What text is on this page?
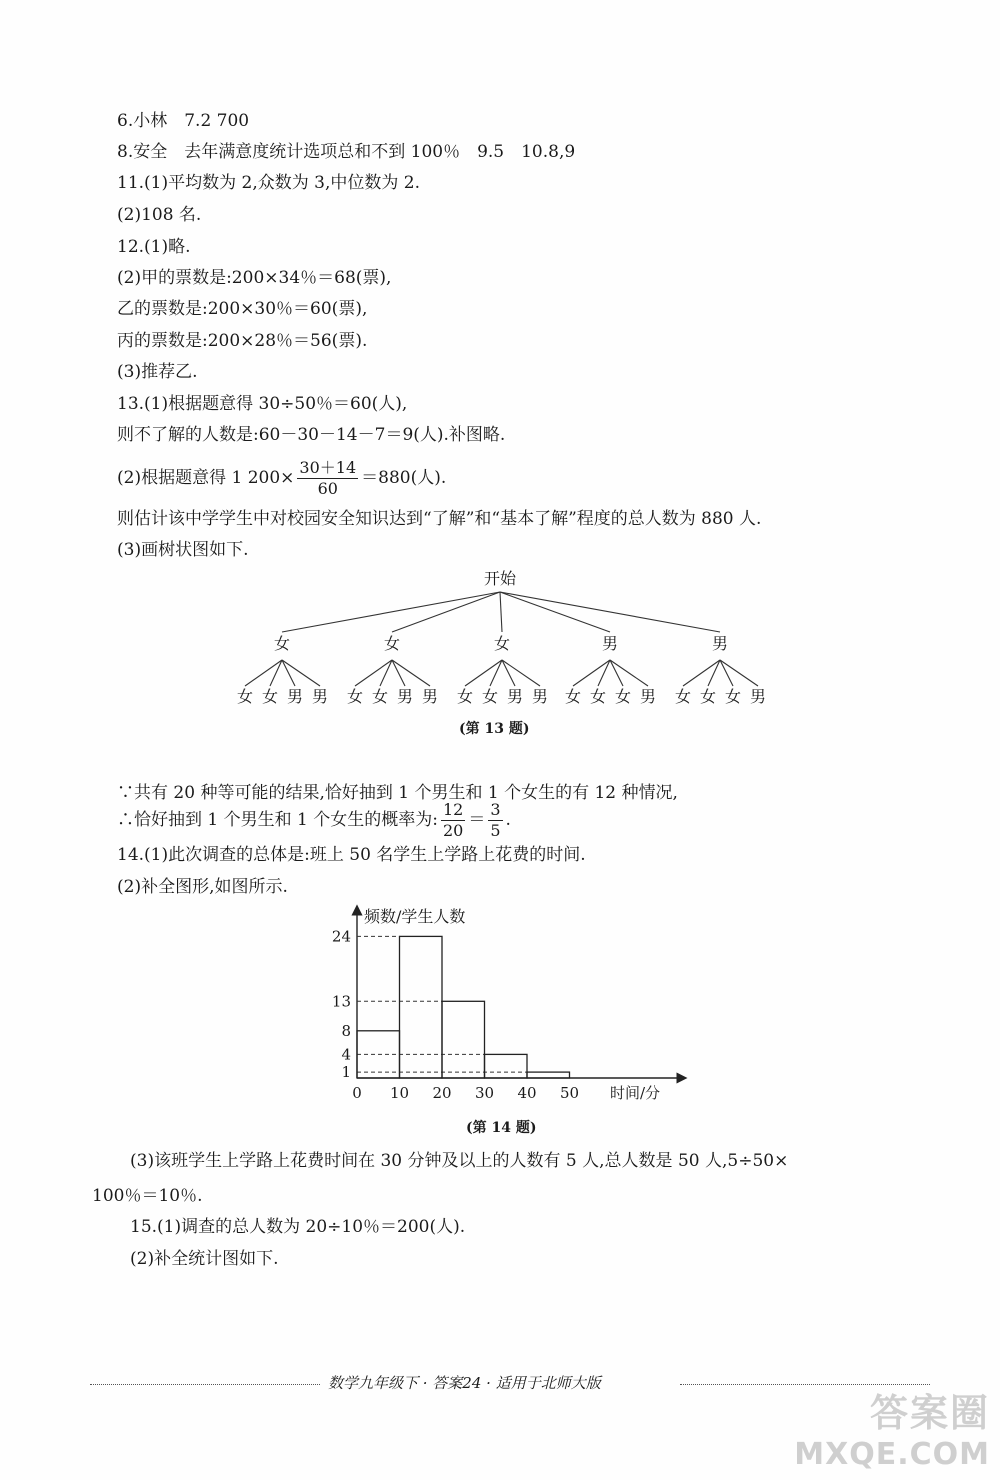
6.小林　7.2 700
8.安全　去年满意度统计选项总和不到 100％　9.5　10.8,9
11.(1)平均数为 2,众数为 3,中位数为 2.
(2)108 名.
12.(1)略.
(2)甲的票数是:200×34％＝68(票),
乙的票数是:200×30％＝60(票),
丙的票数是:200×28％＝56(票).
(3)推荐乙.
13.(1)根据题意得 30÷50％＝60(人),
则不了解的人数是:60－30－14－7＝9(人).补图略.
(2)根据题意得 1 $200\times \frac{30+14}{60} =880$(人).
则估计该中学学生中对校园安全知识达到“了解”和“基本了解”程度的总人数为 880 人.
(3)画树状图如下.
开始
女
女 女 男 男
女
女 女 男 男
女
女 女 男 男
男
女 女 女 男
男
女 女 女 男
(第 13 题)
∵共有 20 种等可能的结果,恰好抽到 1 个男生和 1 个女生的有 12 种情况,
∴恰好抽到 1 个男生和 1 个女生的概率为: $\frac{12}{20} = \frac{3}{5}$ .
14.(1)此次调查的总体是:班上 50 名学生上学路上花费的时间.
(2)补全图形,如图所示.
频数/学生人数
时间/分
1
4
8
13
24
0 10 20 30 40 50
(第 14 题)
(3)该班学生上学路上花费时间在 30 分钟及以上的人数有 5 人,总人数是 50 人,5÷50×
100％＝10％.
15.(1)调查的总人数为 20÷10％＝200(人).
(2)补全统计图如下.
数学九年级下 · 答案24 · 适用于北师大版
答案圈
MXQE.COM
